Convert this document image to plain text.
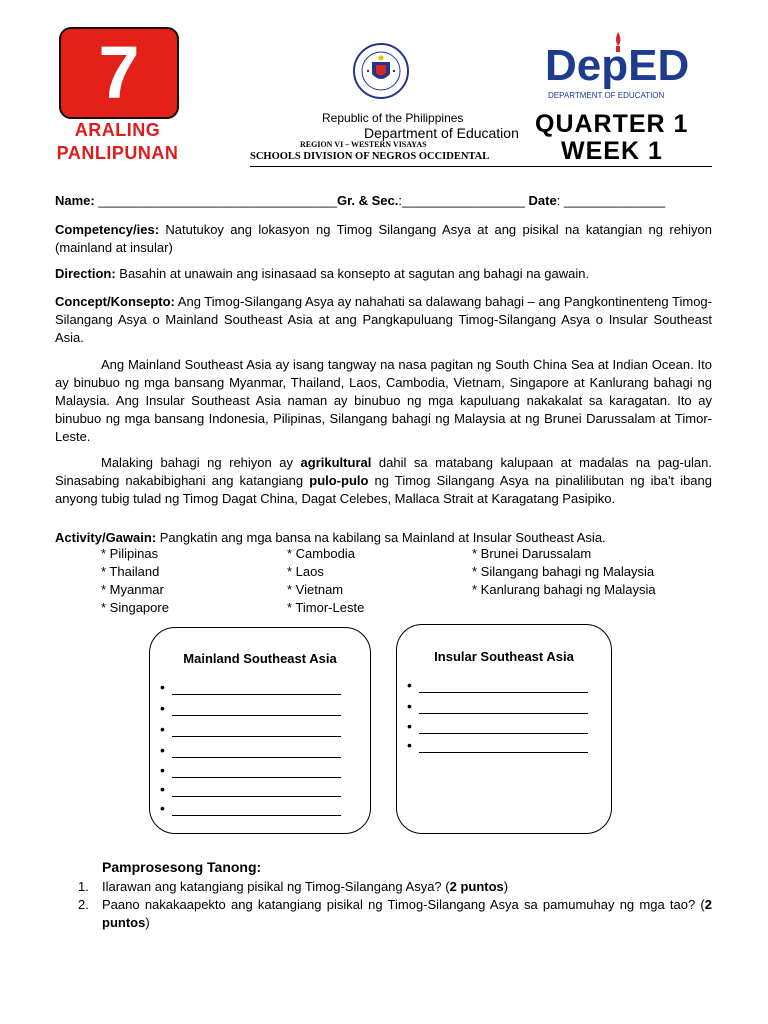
7
ARALING
PANLIPUNAN
DepED
DEPARTMENT OF EDUCATION
Republic of the Philippines
Department of Education
REGION VI – WESTERN VISAYAS
SCHOOLS DIVISION OF NEGROS OCCIDENTAL
QUARTER 1
WEEK 1
Name: _________________________________Gr. & Sec.:_________________ Date: ______________
Competency/ies: Natutukoy ang lokasyon ng Timog Silangang Asya at ang pisikal na katangian ng rehiyon (mainland at insular)
Direction: Basahin at unawain ang isinasaad sa konsepto at sagutan ang bahagi na gawain.
Concept/Konsepto: Ang Timog-Silangang Asya ay nahahati sa dalawang bahagi – ang Pangkontinenteng Timog-Silangang Asya o Mainland Southeast Asia at ang Pangkapuluang Timog-Silangang Asya o Insular Southeast Asia.
Ang Mainland Southeast Asia ay isang tangway na nasa pagitan ng South China Sea at Indian Ocean. Ito ay binubuo ng mga bansang Myanmar, Thailand, Laos, Cambodia, Vietnam, Singapore at Kanlurang bahagi ng Malaysia. Ang Insular Southeast Asia naman ay binubuo ng mga kapuluang nakakalat sa karagatan. Ito ay binubuo ng mga bansang Indonesia, Pilipinas, Silangang bahagi ng Malaysia at ng Brunei Darussalam at Timor-Leste.
Malaking bahagi ng rehiyon ay agrikultural dahil sa matabang kalupaan at madalas na pag-ulan. Sinasabing nakabibighani ang katangiang pulo-pulo ng Timog Silangang Asya na pinalilibutan ng iba't ibang anyong tubig tulad ng Timog Dagat China, Dagat Celebes, Mallaca Strait at Karagatang Pasipiko.
Activity/Gawain: Pangkatin ang mga bansa na kabilang sa Mainland at Insular Southeast Asia.
* Pilipinas
* Thailand
* Myanmar
* Singapore
* Cambodia
* Laos
* Vietnam
* Timor-Leste
* Brunei Darussalam
* Silangang bahagi ng Malaysia
* Kanlurang bahagi ng Malaysia
Mainland Southeast Asia
•
•
•
•
•
•
•
Insular Southeast Asia
•
•
•
•
Pamprosesong Tanong:
1. Ilarawan ang katangiang pisikal ng Timog-Silangang Asya? (2 puntos)
2. Paano nakakaapekto ang katangiang pisikal ng Timog-Silangang Asya sa pamumuhay ng mga tao? (2 puntos)
